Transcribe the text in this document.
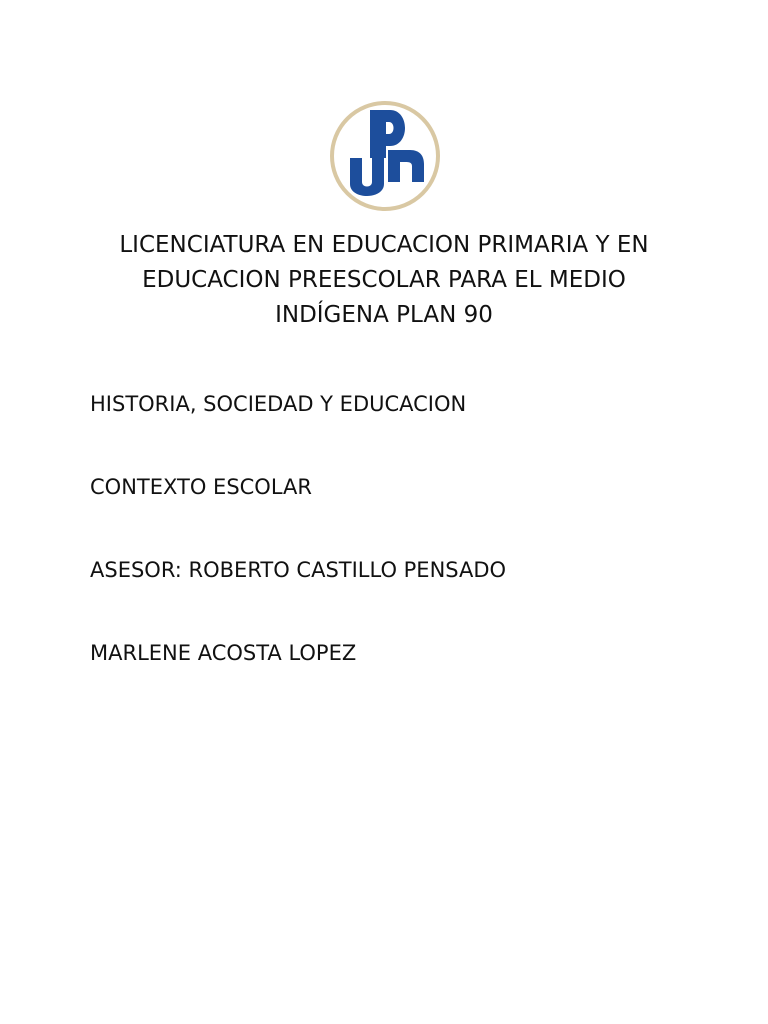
LICENCIATURA EN EDUCACION PRIMARIA Y EN
EDUCACION PREESCOLAR PARA EL MEDIO
INDÍGENA PLAN 90

HISTORIA, SOCIEDAD Y EDUCACION

CONTEXTO ESCOLAR

ASESOR: ROBERTO CASTILLO PENSADO

MARLENE ACOSTA LOPEZ
